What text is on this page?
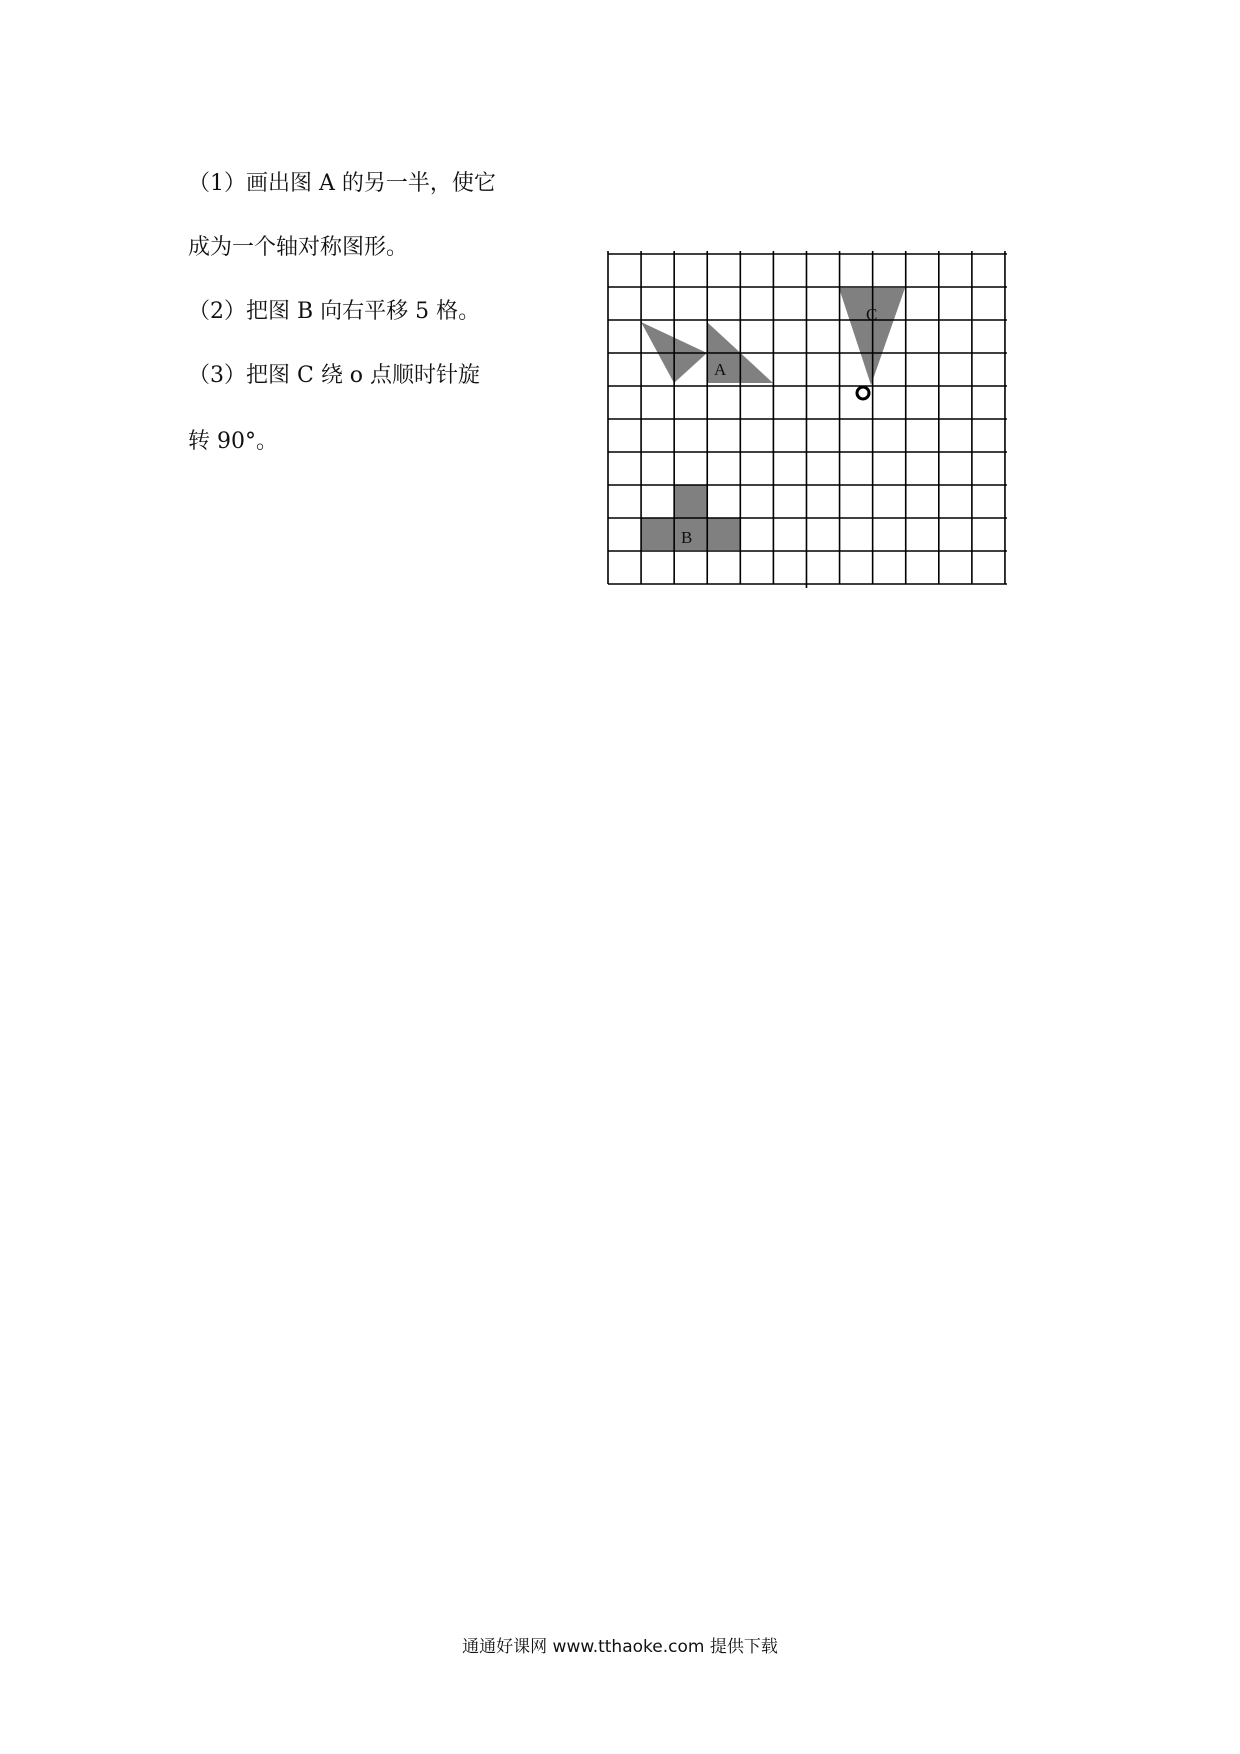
（1）画出图 A 的另一半，使它
成为一个轴对称图形。
（2）把图 B 向右平移 5 格。
（3）把图 C 绕 o 点顺时针旋
转 90°。
A
B
C
通通好课网 www.tthaoke.com 提供下载
